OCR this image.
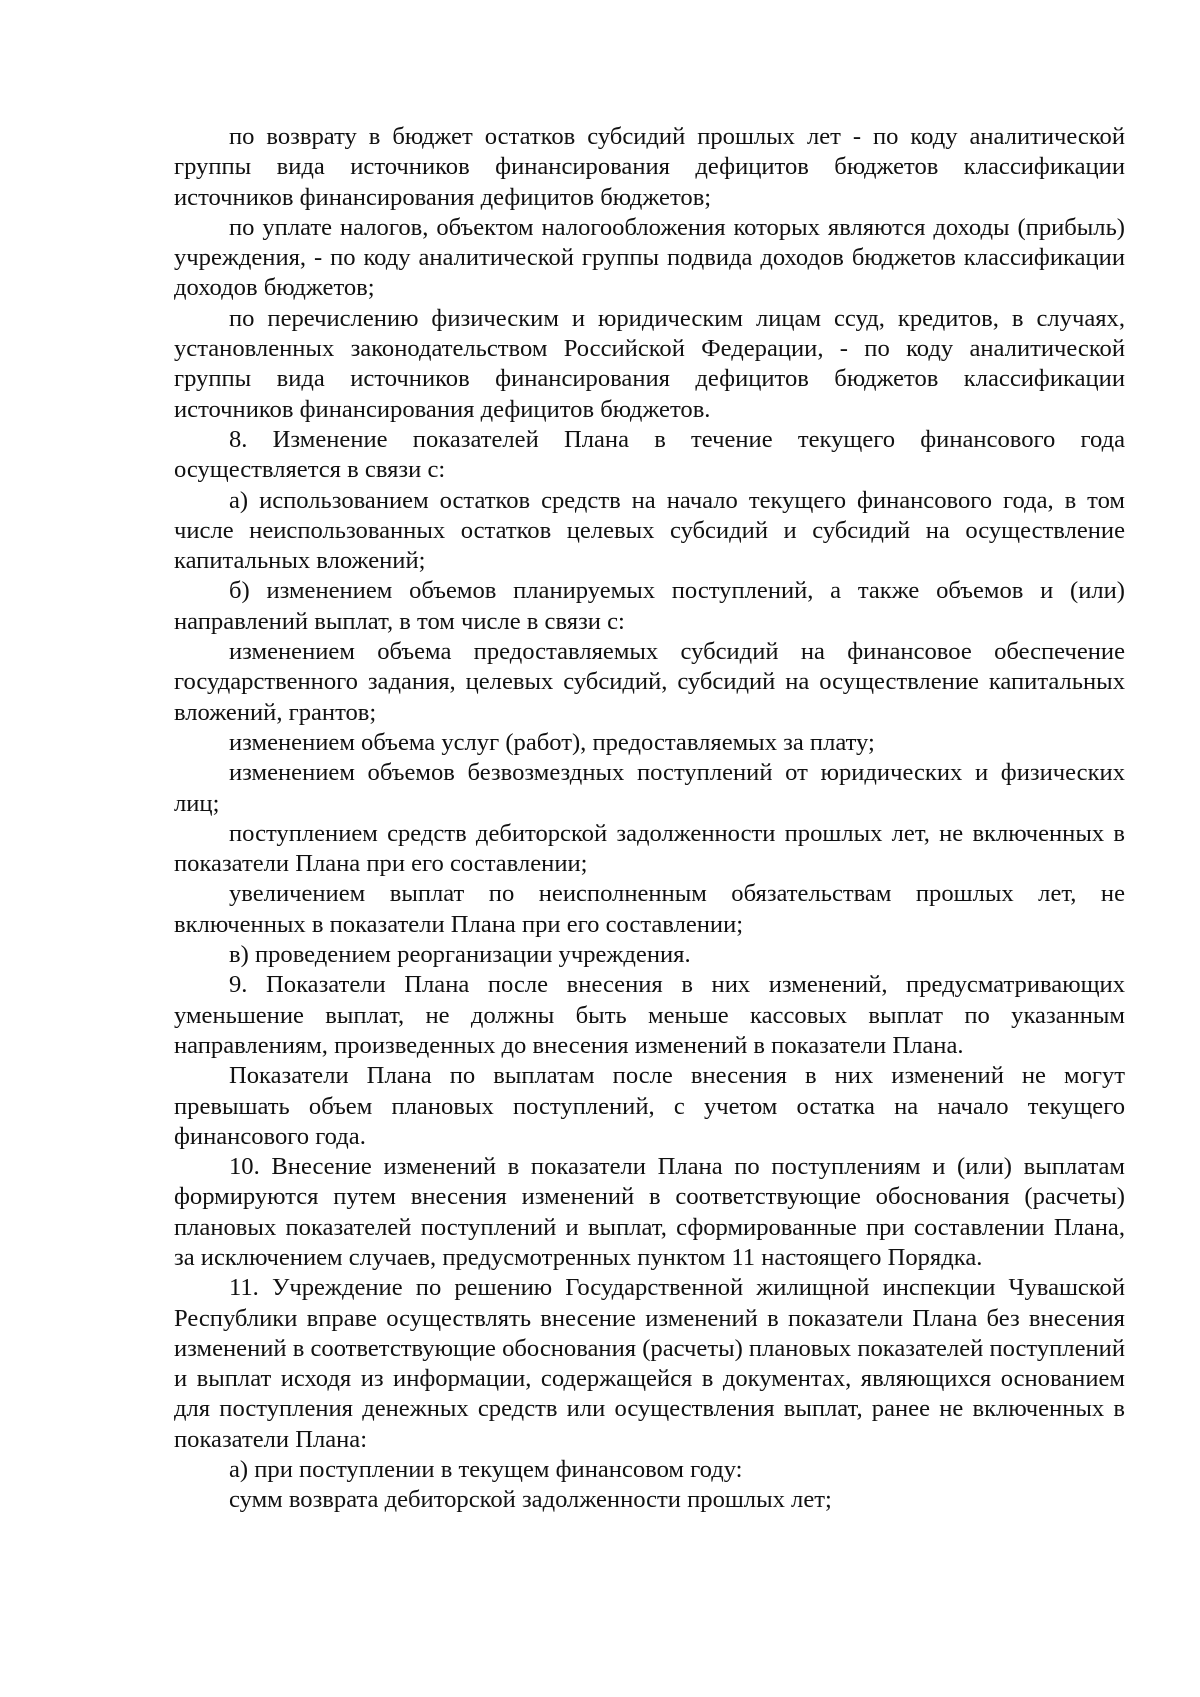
по возврату в бюджет остатков субсидий прошлых лет - по коду аналитической группы вида источников финансирования дефицитов бюджетов классификации источников финансирования дефицитов бюджетов;

по уплате налогов, объектом налогообложения которых являются доходы (прибыль) учреждения, - по коду аналитической группы подвида доходов бюджетов классификации доходов бюджетов;

по перечислению физическим и юридическим лицам ссуд, кредитов, в случаях, установленных законодательством Российской Федерации, - по коду аналитической группы вида источников финансирования дефицитов бюджетов классификации источников финансирования дефицитов бюджетов.

8. Изменение показателей Плана в течение текущего финансового года осуществляется в связи с:

а) использованием остатков средств на начало текущего финансового года, в том числе неиспользованных остатков целевых субсидий и субсидий на осуществление капитальных вложений;

б) изменением объемов планируемых поступлений, а также объемов и (или) направлений выплат, в том числе в связи с:

изменением объема предоставляемых субсидий на финансовое обеспечение государственного задания, целевых субсидий, субсидий на осуществление капитальных вложений, грантов;

изменением объема услуг (работ), предоставляемых за плату;

изменением объемов безвозмездных поступлений от юридических и физических лиц;

поступлением средств дебиторской задолженности прошлых лет, не включенных в показатели Плана при его составлении;

увеличением выплат по неисполненным обязательствам прошлых лет, не включенных в показатели Плана при его составлении;

в) проведением реорганизации учреждения.

9. Показатели Плана после внесения в них изменений, предусматривающих уменьшение выплат, не должны быть меньше кассовых выплат по указанным направлениям, произведенных до внесения изменений в показатели Плана.

Показатели Плана по выплатам после внесения в них изменений не могут превышать объем плановых поступлений, с учетом остатка на начало текущего финансового года.

10. Внесение изменений в показатели Плана по поступлениям и (или) выплатам формируются путем внесения изменений в соответствующие обоснования (расчеты) плановых показателей поступлений и выплат, сформированные при составлении Плана, за исключением случаев, предусмотренных пунктом 11 настоящего Порядка.

11. Учреждение по решению Государственной жилищной инспекции Чувашской Республики вправе осуществлять внесение изменений в показатели Плана без внесения изменений в соответствующие обоснования (расчеты) плановых показателей поступлений и выплат исходя из информации, содержащейся в документах, являющихся основанием для поступления денежных средств или осуществления выплат, ранее не включенных в показатели Плана:

а) при поступлении в текущем финансовом году:

сумм возврата дебиторской задолженности прошлых лет;
